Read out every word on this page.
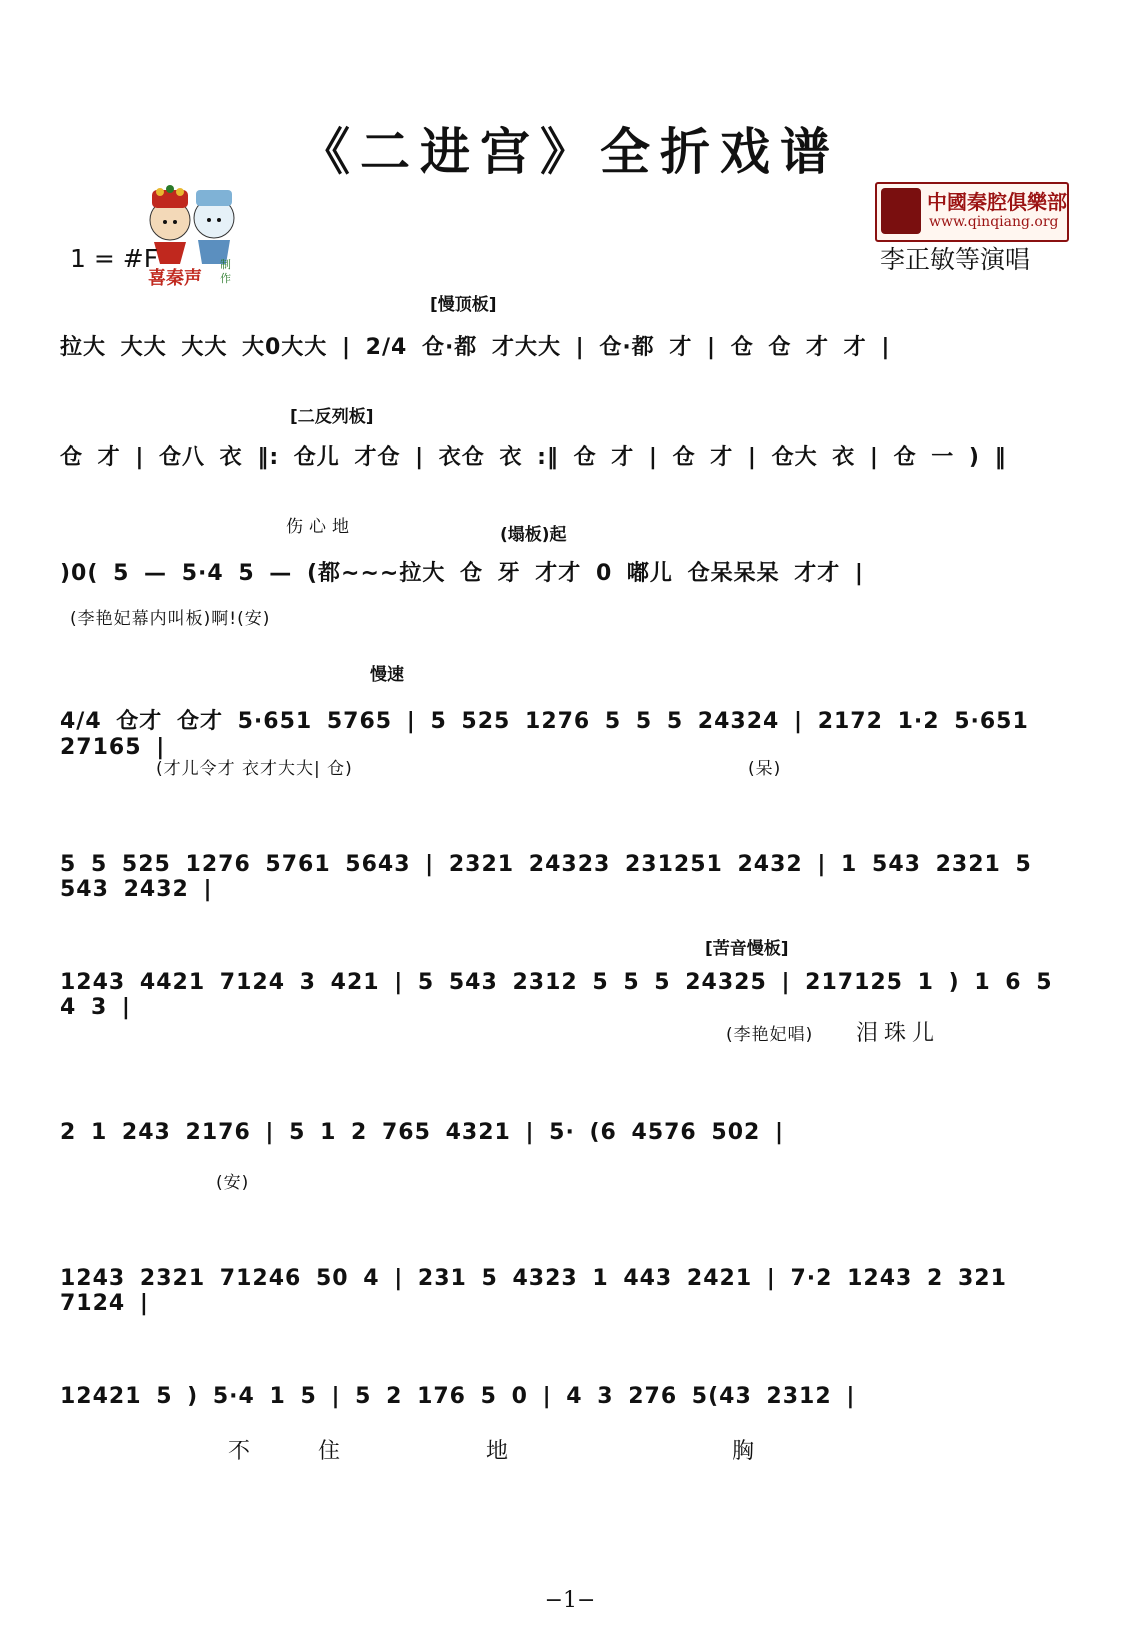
《二进宫》全折戏谱
喜秦声
制作
1 = #F
中國秦腔俱樂部
www.qinqiang.org
李正敏等演唱
[慢顶板]
[二反列板]
(塌板)起
慢速
[苦音慢板]
拉大 大大 大大 大0大大 | 2/4 仓·都 才大大 | 仓·都 才 | 仓 仓 才 才 |
仓 才 | 仓八 衣 ‖: 仓儿 才仓 | 衣仓 衣 :‖ 仓 才 | 仓 才 | 仓大 衣 | 仓 一 ) ‖
)0( 5 — 5·4 5 — (都~~~拉大 仓 牙 才才 0 嘟儿 仓呆呆呆 才才 |
4/4 仓才 仓才 5·651 5765 | 5 525 1276 5 5 5 24324 | 2172 1·2 5·651 27165 |
5 5 525 1276 5761 5643 | 2321 24323 231251 2432 | 1 543 2321 5 543 2432 |
1243 4421 7124 3 421 | 5 543 2312 5 5 5 24325 | 217125 1 ) 1 6 5 4 3 |
2 1 243 2176 | 5 1 2 765 4321 | 5· (6 4576 502 |
1243 2321 71246 50 4 | 231 5 4323 1 443 2421 | 7·2 1243 2 321 7124 |
12421 5 ) 5·4 1 5 | 5 2 176 5 0 | 4 3 276 5(43 2312 |
伤心地
(李艳妃幕内叫板)啊!(安)
(才儿令才 衣才大大| 仓)	(呆)
(李艳妃唱) 泪珠儿
(安)
不	住	地	胸
−1−
